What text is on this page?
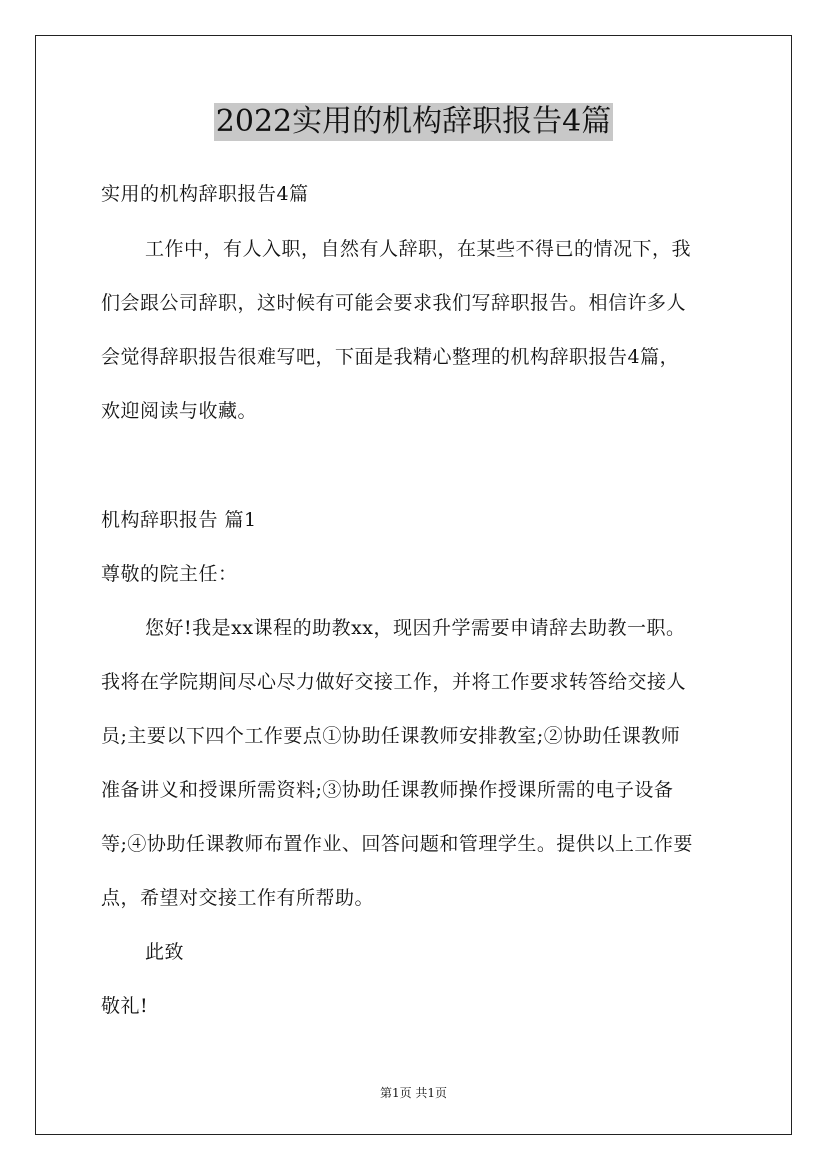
2022实用的机构辞职报告4篇
实用的机构辞职报告4篇
工作中，有人入职，自然有人辞职，在某些不得已的情况下，我
们会跟公司辞职，这时候有可能会要求我们写辞职报告。相信许多人
会觉得辞职报告很难写吧，下面是我精心整理的机构辞职报告4篇，
欢迎阅读与收藏。
机构辞职报告 篇1
尊敬的院主任：
您好!我是xx课程的助教xx，现因升学需要申请辞去助教一职。
我将在学院期间尽心尽力做好交接工作，并将工作要求转答给交接人
员;主要以下四个工作要点①协助任课教师安排教室;②协助任课教师
准备讲义和授课所需资料;③协助任课教师操作授课所需的电子设备
等;④协助任课教师布置作业、回答问题和管理学生。提供以上工作要
点，希望对交接工作有所帮助。
此致
敬礼!
第1页 共1页
